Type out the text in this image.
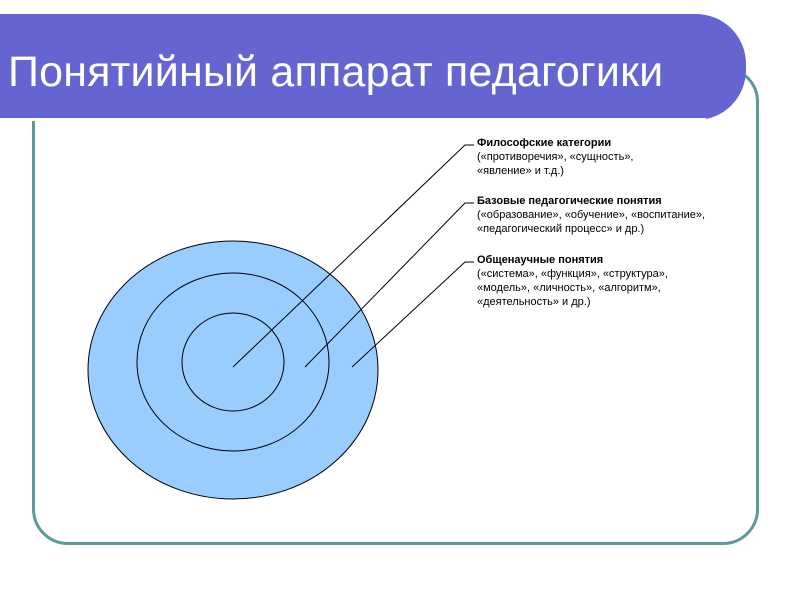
Понятийный аппарат педагогики
Философские категории
(«противоречия», «сущность»,
«явление» и т.д.)
Базовые педагогические понятия
(«образование», «обучение», «воспитание»,
«педагогический процесс» и др.)
Общенаучные понятия
(«система», «функция», «структура»,
«модель», «личность», «алгоритм»,
«деятельность» и др.)
